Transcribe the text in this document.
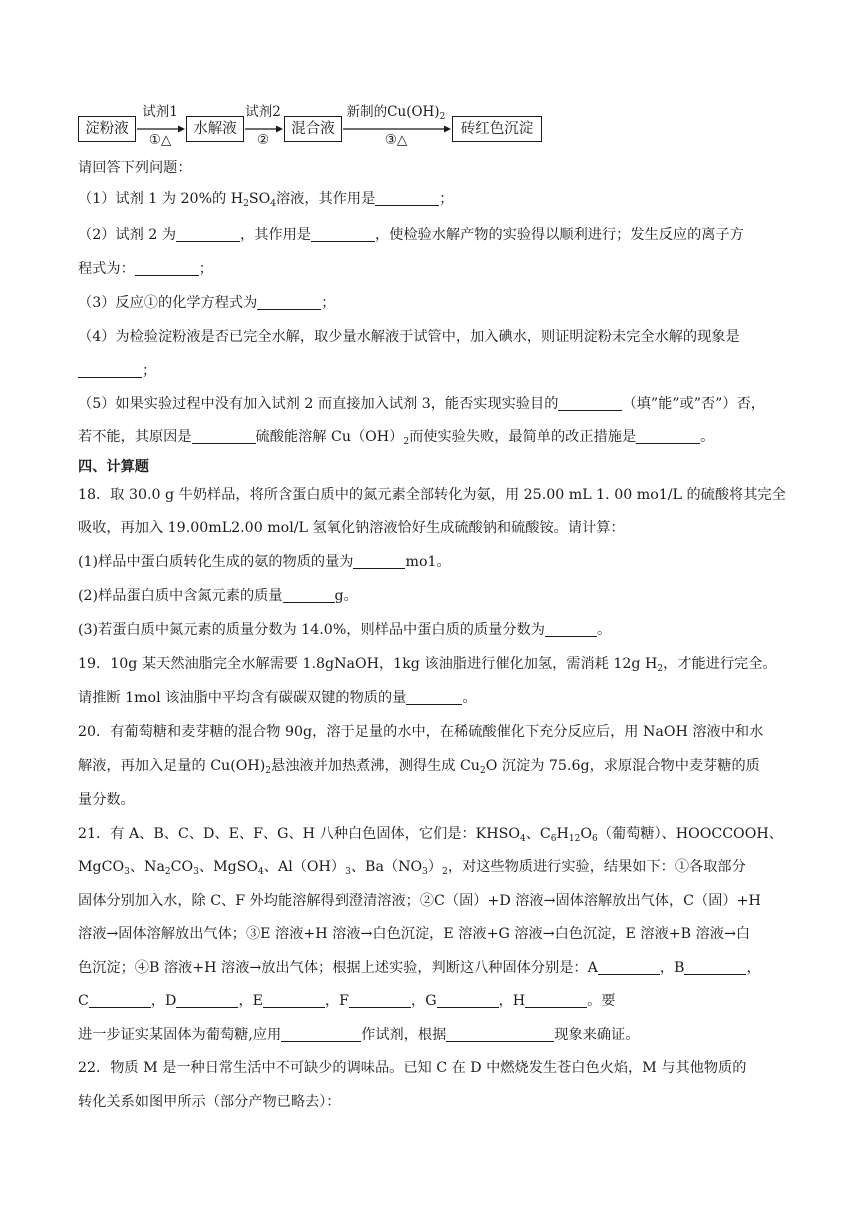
淀粉液	水解液	混合液	砖红色沉淀
试剂1
①△
试剂2
②
新制的$Cu(OH)_2$
③△
请回答下列问题：
（1）试剂 1 为 20%的 $H_2SO_4$溶液，其作用是	；
（2）试剂 2 为	，其作用是	，使检验水解产物的实验得以顺利进行；发生反应的离子方
程式为：	；
（3）反应①的化学方程式为	；
（4）为检验淀粉液是否已完全水解，取少量水解液于试管中，加入碘水，则证明淀粉未完全水解的现象是
；
（5）如果实验过程中没有加入试剂 2 而直接加入试剂 3，能否实现实验目的	（填”能”或”否”）否，
若不能，其原因是	硫酸能溶解 $Cu(OH)_2$而使实验失败，最简单的改正措施是	。
四、计算题
18．取 30.0 g 牛奶样品，将所含蛋白质中的氮元素全部转化为氨，用 25.00 mL 1. 00 mo1/L 的硫酸将其完全
吸收，再加入 19.00mL2.00 mol/L 氢氧化钠溶液恰好生成硫酸钠和硫酸铵。请计算：
(1)样品中蛋白质转化生成的氨的物质的量为	mo1。
(2)样品蛋白质中含氮元素的质量	g。
(3)若蛋白质中氮元素的质量分数为 14.0%，则样品中蛋白质的质量分数为	。
19．10g 某天然油脂完全水解需要 1.8gNaOH，1kg 该油脂进行催化加氢，需消耗 12g $H_2$，才能进行完全。
请推断 1mol 该油脂中平均含有碳碳双键的物质的量	。
20．有葡萄糖和麦芽糖的混合物 90g，溶于足量的水中，在稀硫酸催化下充分反应后，用 NaOH 溶液中和水
解液，再加入足量的 $Cu(OH)_2$悬浊液并加热煮沸，测得生成 $Cu_2O$ 沉淀为 75.6g，求原混合物中麦芽糖的质
量分数。
21．有 A、B、C、D、E、F、G、H 八种白色固体，它们是：$KHSO_4$、$C_6H_{12}O_6$（葡萄糖）、HOOCCOOH、
MgCO$_3$、$Na_2CO_3$、MgSO$_4$、$Al(OH)_3$、$Ba(NO_3)_2$，对这些物质进行实验，结果如下：①各取部分
固体分别加入水，除 C、F 外均能溶解得到澄清溶液；②C（固）+D 溶液→固体溶解放出气体，C（固）+H
溶液→固体溶解放出气体；③E 溶液+H 溶液→白色沉淀，E 溶液+G 溶液→白色沉淀，E 溶液+B 溶液→白
色沉淀；④B 溶液+H 溶液→放出气体；根据上述实验，判断这八种固体分别是：A	，B	，
C	，D	，E	，F	，G	，H	。要
进一步证实某固体为葡萄糖,应用	作试剂，根据	现象来确证。
22．物质 M 是一种日常生活中不可缺少的调味品。已知 C 在 D 中燃烧发生苍白色火焰，M 与其他物质的
转化关系如图甲所示（部分产物已略去）：
